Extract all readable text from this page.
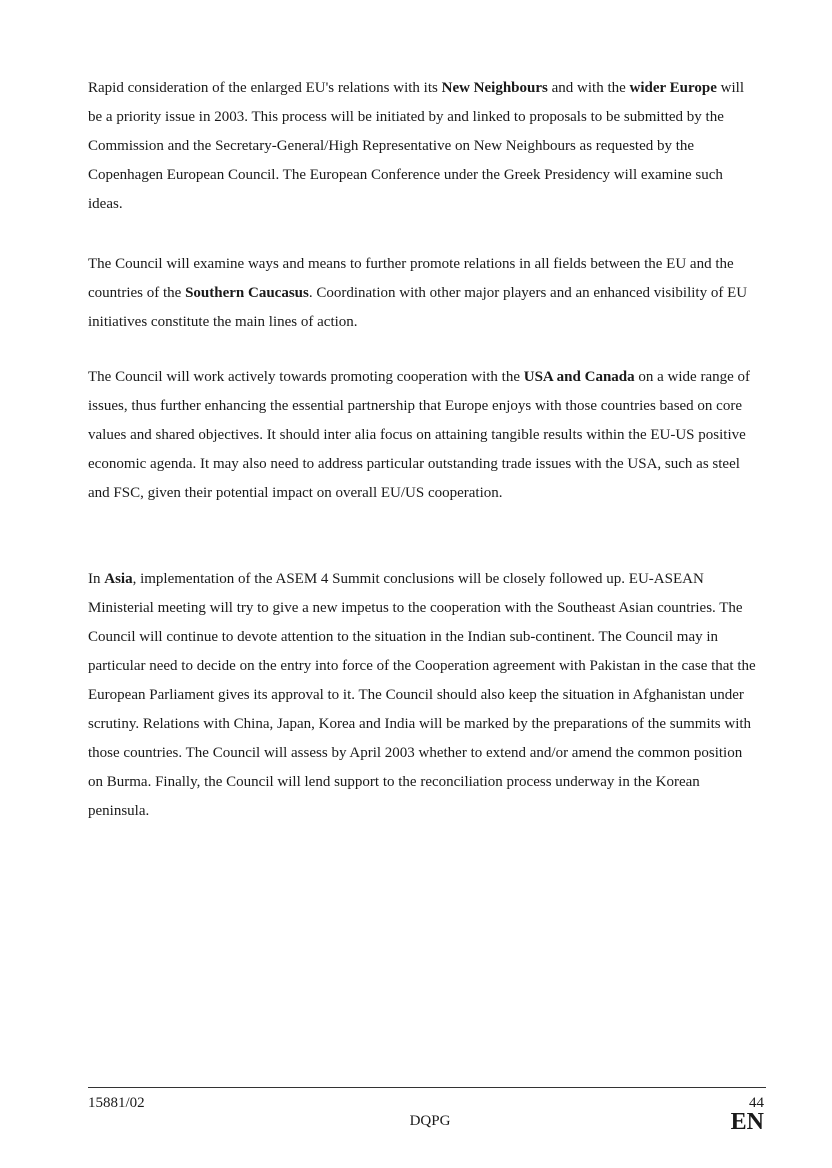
Rapid consideration of the enlarged EU's relations with its New Neighbours and with the wider Europe will be a priority issue in 2003. This process will be initiated by and linked to proposals to be submitted by the Commission and the Secretary-General/High Representative on New Neighbours as requested by the Copenhagen European Council. The European Conference under the Greek Presidency will examine such ideas.

The Council will examine ways and means to further promote relations in all fields between the EU and the countries of the Southern Caucasus. Coordination with other major players and an enhanced visibility of EU initiatives constitute the main lines of action.

The Council will work actively towards promoting cooperation with the USA and Canada on a wide range of issues, thus further enhancing the essential partnership that Europe enjoys with those countries based on core values and shared objectives. It should inter alia focus on attaining tangible results within the EU-US positive economic agenda. It may also need to address particular outstanding trade issues with the USA, such as steel and FSC, given their potential impact on overall EU/US cooperation.

In Asia, implementation of the ASEM 4 Summit conclusions will be closely followed up. EU-ASEAN Ministerial meeting will try to give a new impetus to the cooperation with the Southeast Asian countries. The Council will continue to devote attention to the situation in the Indian sub-continent. The Council may in particular need to decide on the entry into force of the Cooperation agreement with Pakistan in the case that the European Parliament gives its approval to it. The Council should also keep the situation in Afghanistan under scrutiny. Relations with China, Japan, Korea and India will be marked by the preparations of the summits with those countries. The Council will assess by April 2003 whether to extend and/or amend the common position on Burma. Finally, the Council will lend support to the reconciliation process underway in the Korean peninsula.

15881/02
DQPG
44
EN
